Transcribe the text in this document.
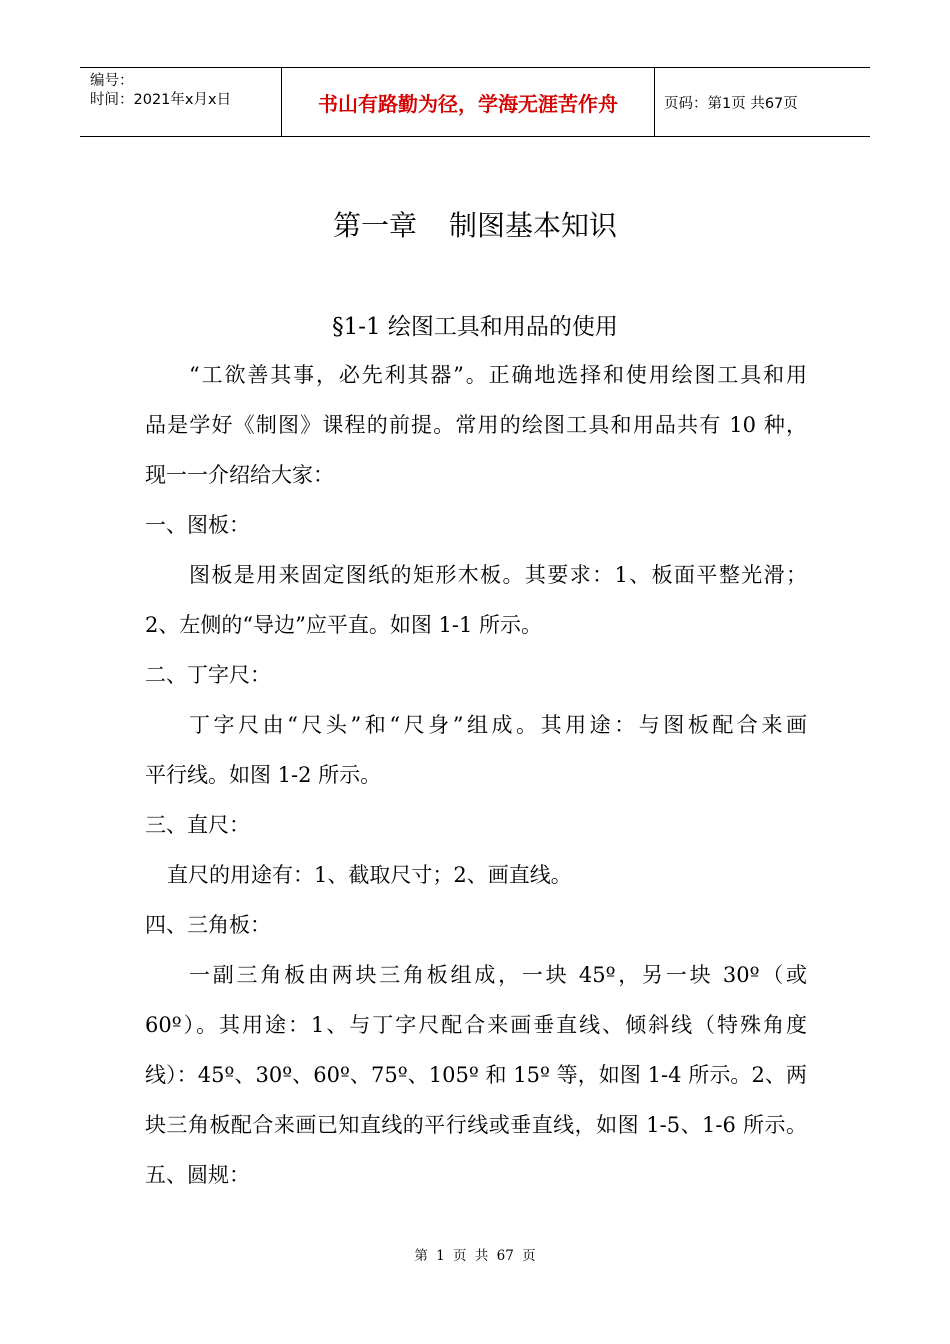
编号：
时间：2021年x月x日	书山有路勤为径，学海无涯苦作舟	页码：第1页 共67页
第一章 制图基本知识
§1-1 绘图工具和用品的使用
“工欲善其事，必先利其器”。正确地选择和使用绘图工具和用
品是学好《制图》课程的前提。常用的绘图工具和用品共有 10 种，
现一一介绍给大家：
一、图板：
图板是用来固定图纸的矩形木板。其要求：1、板面平整光滑；
2、左侧的“导边”应平直。如图 1-1 所示。
二、丁字尺：
丁字尺由“尺头”和“尺身”组成。其用途：与图板配合来画
平行线。如图 1-2 所示。
三、直尺：
直尺的用途有：1、截取尺寸；2、画直线。
四、三角板：
一副三角板由两块三角板组成，一块 45º，另一块 30º（或
60º）。其用途：1、与丁字尺配合来画垂直线、倾斜线（特殊角度
线）：45º、30º、60º、75º、105º 和 15º 等，如图 1-4 所示。2、两
块三角板配合来画已知直线的平行线或垂直线，如图 1-5、1-6 所示。
五、圆规：
第 1 页 共 67 页
